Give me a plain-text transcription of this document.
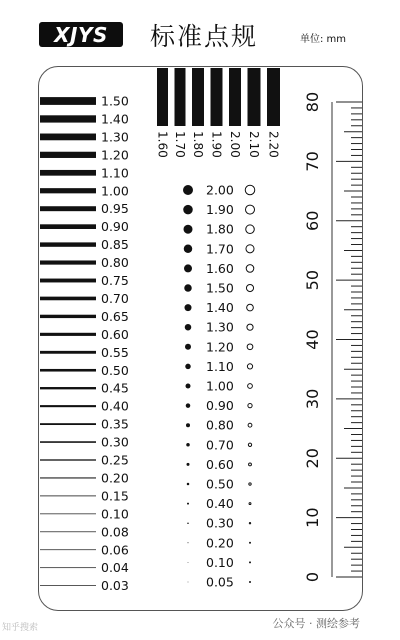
XJYS 标准点规	单位: mm
1.50
1.40
1.30
1.20
1.10
1.00
0.95
0.90
0.85
0.80
0.75
0.70
0.65
0.60
0.55
0.50
0.45
0.40
0.35
0.30
0.25
0.20
0.15
0.10
0.08
0.06
0.04
0.03
1.60 1.70 1.80 1.90 2.00 2.10 2.20
2.00
1.90
1.80
1.70
1.60
1.50
1.40
1.30
1.20
1.10
1.00
0.90
0.80
0.70
0.60
0.50
0.40
0.30
0.20
0.10
0.05
80
70
60
50
40
30
20
10
0
公众号 · 测绘参考
知乎搜索
